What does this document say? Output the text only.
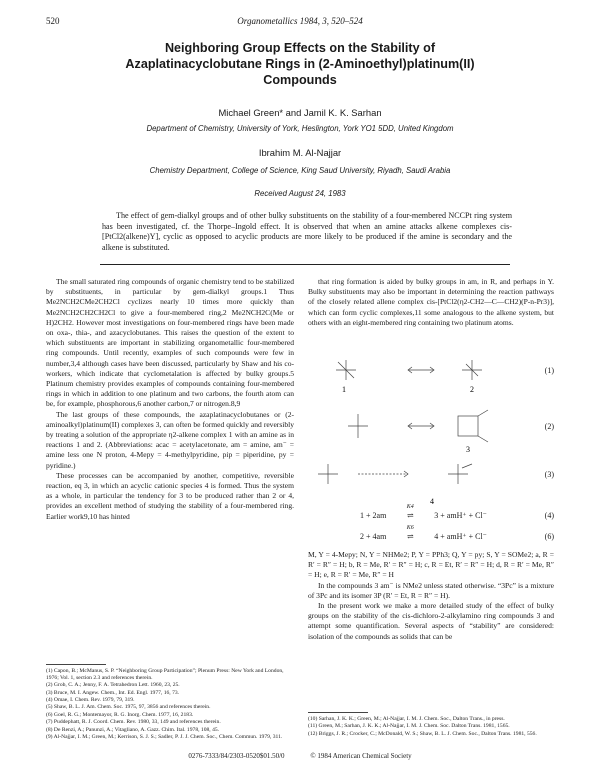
520	Organometallics 1984, 3, 520–524
Neighboring Group Effects on the Stability of
Azaplatinacyclobutane Rings in (2-Aminoethyl)platinum(II)
Compounds
Michael Green* and Jamil K. K. Sarhan
Department of Chemistry, University of York, Heslington, York YO1 5DD, United Kingdom
Ibrahim M. Al-Najjar
Chemistry Department, College of Science, King Saud University, Riyadh, Saudi Arabia
Received August 24, 1983
The effect of gem-dialkyl groups and of other bulky substituents on the stability of a four-membered NCCPt ring system has been investigated, cf. the Thorpe–Ingold effect. It is observed that when an amine attacks alkene complexes cis-[PtCl2(alkene)Y], cyclic as opposed to acyclic products are more likely to be produced if the amine is secondary and the alkene is substituted.

The small saturated ring compounds of organic chemistry tend to be stabilized by substituents, in particular by gem-dialkyl groups.1 Thus Me2NCH2CMe2CH2Cl cyclizes nearly 10 times more quickly than Me2NCH2CH2CH2Cl to give a four-membered ring,2 Me2NCH2C(Me or H)2CH2. However most investigations on four-membered rings have been made on oxa-, thia-, and azacyclobutanes. This raises the question of the extent to which substituents are important in stabilizing organometallic four-membered ring compounds. Until recently, examples of such compounds were few in number,3,4 although cases have been discussed, particularly by Shaw and his co-workers, which indicate that cyclometalation is affected by bulky groups.5 Platinum chemistry provides examples of compounds containing four-membered rings in which in addition to one platinum and two carbons, the fourth atom can be, for example, phosphorous,6 another carbon,7 or nitrogen.8,9

The last groups of these compounds, the azaplatinacyclobutanes or (2-aminoalkyl)platinum(II) complexes 3, can often be formed quickly and reversibly by treating a solution of the appropriate η2-alkene complex 1 with an amine as in reactions 1 and 2. (Abbreviations: acac = acetylacetonate, am = amine, am⁻ = amine less one N proton, 4-Mepy = 4-methylpyridine, pip = piperidine, py = pyridine.)

These processes can be accompanied by another, competitive, reversible reaction, eq 3, in which an acyclic cationic species 4 is formed. Thus the system as a whole, in particular the tendency for 3 to be produced rather than 2 or 4, provides an excellent method of studying the stability of a four-membered ring. Earlier work9,10 has hinted

that ring formation is aided by bulky groups in am, in R, and perhaps in Y. Bulky substituents may also be important in determining the reaction pathways of the closely related allene complex cis-[PtCl2(η2-CH2—C—CH2)(P-n-Pr3)], which can form cyclic complexes,11 some analogous to the alkene system, but others with an eight-membered ring containing two platinum atoms.

1	2
(1)
3
(2)
4
(3)
1 + 2am
K4
⇌	3 + amH⁺ + Cl⁻	(4)
2 + 4am
K6
⇌	4 + amH⁺ + Cl⁻	(6)

M, Y = 4-Mepy; N, Y = NHMe2; P, Y = PPh3; Q, Y = py; S, Y = SOMe2; a, R = R′ = R″ = H; b, R = Me, R′ = R″ = H; c, R = Et, R′ = R″ = H; d, R = R′ = Me, R″ = H; e, R = R′ = Me, R″ = H

In the compounds 3 am⁻ is NMe2 unless stated otherwise. “3Pc” is a mixture of 3Pc and its isomer 3P (R′ = Et, R = R″ = H).

In the present work we make a more detailed study of the effect of bulky groups on the stability of the cis-dichloro-2-alkylamino ring compounds 3 and attempt some quantification. Several aspects of “stability” are considered: isolation of the compounds as solids that can be

(1) Capon, B.; McManus, S. P. “Neighboring Group Participation”; Plenum Press: New York and London, 1976; Vol. 1, section 2.3 and references therein.
(2) Grob, C. A.; Jenny, F. A. Tetrahedron Lett. 1960, 23, 25.
(3) Bruce, M. I. Angew. Chem., Int. Ed. Engl. 1977, 16, 73.
(4) Omae, I. Chem. Rev. 1979, 79, 319.
(5) Shaw, B. L. J. Am. Chem. Soc. 1975, 97, 3856 and references therein.
(6) Goel, R. G.; Montemayor, R. G. Inorg. Chem. 1977, 16, 2183.
(7) Puddephatt, R. J. Coord. Chem. Rev. 1980, 33, 149 and references therein.
(8) De Renzi, A.; Panunzi, A.; Vitagliano, A. Gazz. Chim. Ital. 1978, 108, 45.
(9) Al-Najjar, I. M.; Green, M.; Kerrison, S. J. S.; Sadler, P. J. J. Chem. Soc., Chem. Commun. 1979, 311.
(10) Sarhan, J. K. K.; Green, M.; Al-Najjar, I. M. J. Chem. Soc., Dalton Trans., in press.
(11) Green, M.; Sarhan, J. K. K.; Al-Najjar, I. M. J. Chem. Soc. Dalton Trans. 1981, 1565.
(12) Briggs, J. R.; Crocker, C.; McDonald, W. S.; Shaw, B. L. J. Chem. Soc., Dalton Trans. 1981, 556.
0276-7333/84/2303-0520$01.50/0	© 1984 American Chemical Society
